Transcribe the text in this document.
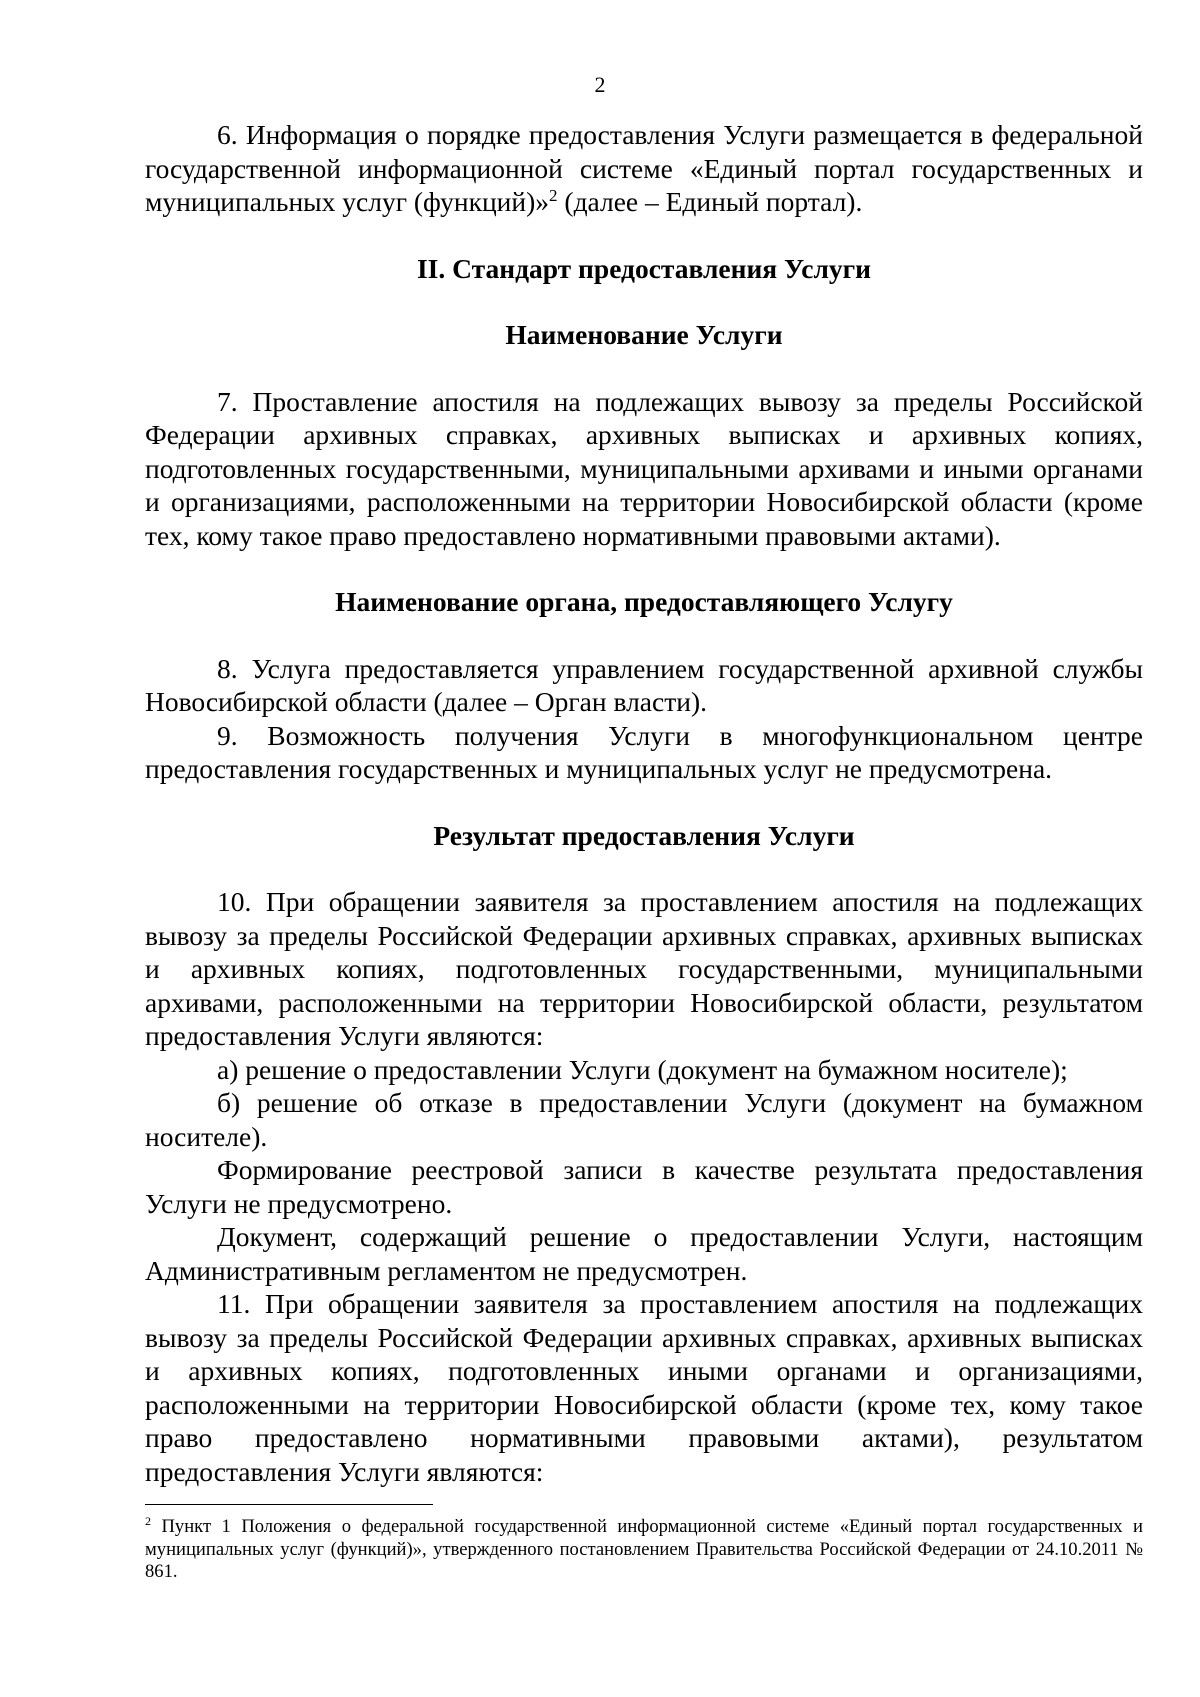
2

6. Информация о порядке предоставления Услуги размещается в федеральной государственной информационной системе «Единый портал государственных и муниципальных услуг (функций)»$^2$ (далее – Единый портал).

II. Стандарт предоставления Услуги

Наименование Услуги

7. Проставление апостиля на подлежащих вывозу за пределы Российской Федерации архивных справках, архивных выписках и архивных копиях, подготовленных государственными, муниципальными архивами и иными органами и организациями, расположенными на территории Новосибирской области (кроме тех, кому такое право предоставлено нормативными правовыми актами).

Наименование органа, предоставляющего Услугу

8. Услуга предоставляется управлением государственной архивной службы Новосибирской области (далее – Орган власти).

9. Возможность получения Услуги в многофункциональном центре предоставления государственных и муниципальных услуг не предусмотрена.

Результат предоставления Услуги

10. При обращении заявителя за проставлением апостиля на подлежащих вывозу за пределы Российской Федерации архивных справках, архивных выписках и архивных копиях, подготовленных государственными, муниципальными архивами, расположенными на территории Новосибирской области, результатом предоставления Услуги являются:

а) решение о предоставлении Услуги (документ на бумажном носителе);

б) решение об отказе в предоставлении Услуги (документ на бумажном носителе).

Формирование реестровой записи в качестве результата предоставления Услуги не предусмотрено.

Документ, содержащий решение о предоставлении Услуги, настоящим Административным регламентом не предусмотрен.

11. При обращении заявителя за проставлением апостиля на подлежащих вывозу за пределы Российской Федерации архивных справках, архивных выписках и архивных копиях, подготовленных иными органами и организациями, расположенными на территории Новосибирской области (кроме тех, кому такое право предоставлено нормативными правовыми актами), результатом предоставления Услуги являются:

$^2$ Пункт 1 Положения о федеральной государственной информационной системе «Единый портал государственных и муниципальных услуг (функций)», утвержденного постановлением Правительства Российской Федерации от 24.10.2011 № 861.
